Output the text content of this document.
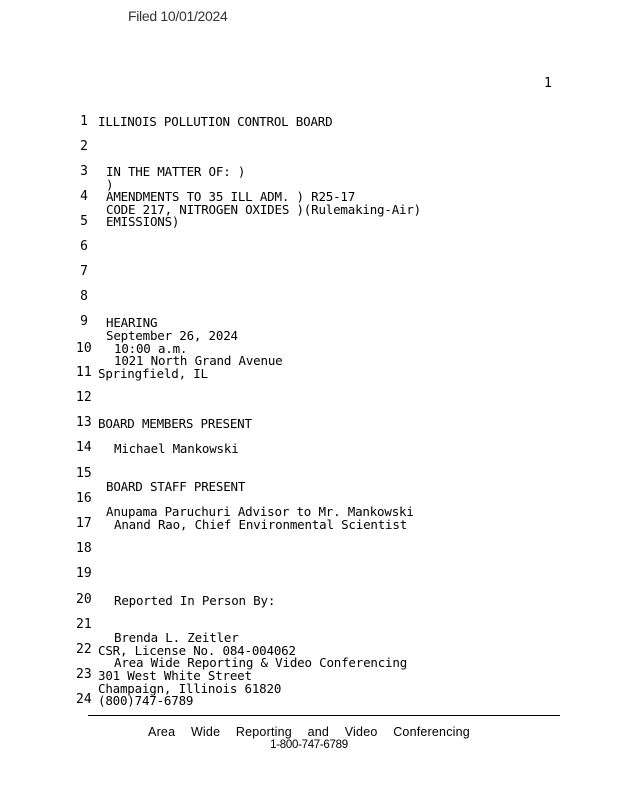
Filed 10/01/2024
1
1
2
3
4
5
6
7
8
9
10
11
12
13
14
15
16
17
18
19
20
21
22
23
24
ILLINOIS POLLUTION CONTROL BOARD
IN THE MATTER OF: )
)
AMENDMENTS TO 35 ILL ADM. ) R25-17
CODE 217, NITROGEN OXIDES )(Rulemaking-Air)
EMISSIONS)
HEARING
September 26, 2024
10:00 a.m.
1021 North Grand Avenue
Springfield, IL
BOARD MEMBERS PRESENT
Michael Mankowski
BOARD STAFF PRESENT
Anupama Paruchuri Advisor to Mr. Mankowski
Anand Rao, Chief Environmental Scientist
Reported In Person By:
Brenda L. Zeitler
CSR, License No. 084-004062
Area Wide Reporting & Video Conferencing
301 West White Street
Champaign, Illinois 61820
(800)747-6789
Area Wide Reporting and Video Conferencing
1-800-747-6789
